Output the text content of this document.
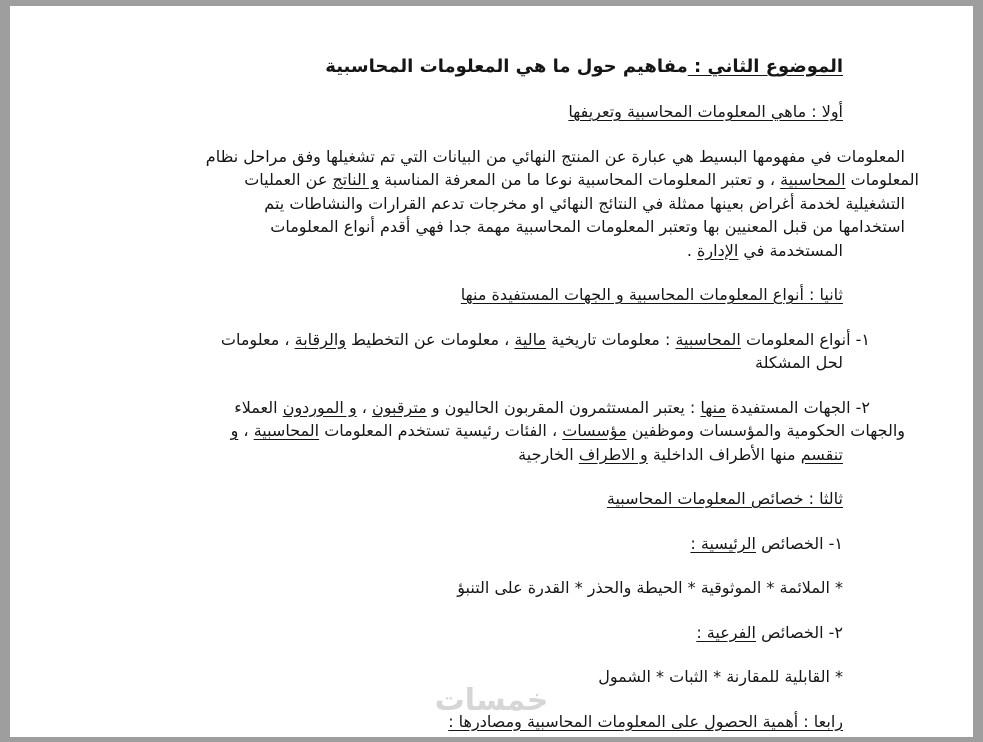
الموضوع الثاني : مفاهيم حول ما هي المعلومات المحاسبية
أولا : ماهي المعلومات المحاسبية وتعريفها
المعلومات في مفهومها البسيط هي عبارة عن المنتج النهائي من البيانات التي تم تشغيلها وفق مراحل نظام
المعلومات المحاسبية ، و تعتبر المعلومات المحاسبية نوعا ما من المعرفة المناسبة و الناتج عن العمليات
التشغيلية لخدمة أغراض بعينها ممثلة في النتائج النهائي او مخرجات تدعم القرارات والنشاطات يتم
استخدامها من قبل المعنيين بها وتعتبر المعلومات المحاسبية مهمة جدا فهي أقدم أنواع المعلومات
المستخدمة في الإدارة .
ثانيا : أنواع المعلومات المحاسبية و الجهات المستفيدة منها
١- أنواع المعلومات المحاسبية : معلومات تاريخية مالية ، معلومات عن التخطيط والرقابة ، معلومات
لحل المشكلة
٢- الجهات المستفيدة منها : يعتبر المستثمرون المقربون الحاليون و مترقبون ، و الموردون العملاء
والجهات الحكومية والمؤسسات وموظفين مؤسسات ، الفئات رئيسية تستخدم المعلومات المحاسبية ، و
تنقسم منها الأطراف الداخلية و الاطراف الخارجية
ثالثا : خصائص المعلومات المحاسبية
١- الخصائص الرئيسية :
* الملائمة * الموثوقية * الحيطة والحذر * القدرة على التنبؤ
٢- الخصائص الفرعية :
* القابلية للمقارنة * الثبات * الشمول
رابعا : أهمية الحصول على المعلومات المحاسبية ومصادرها :
خمسات
